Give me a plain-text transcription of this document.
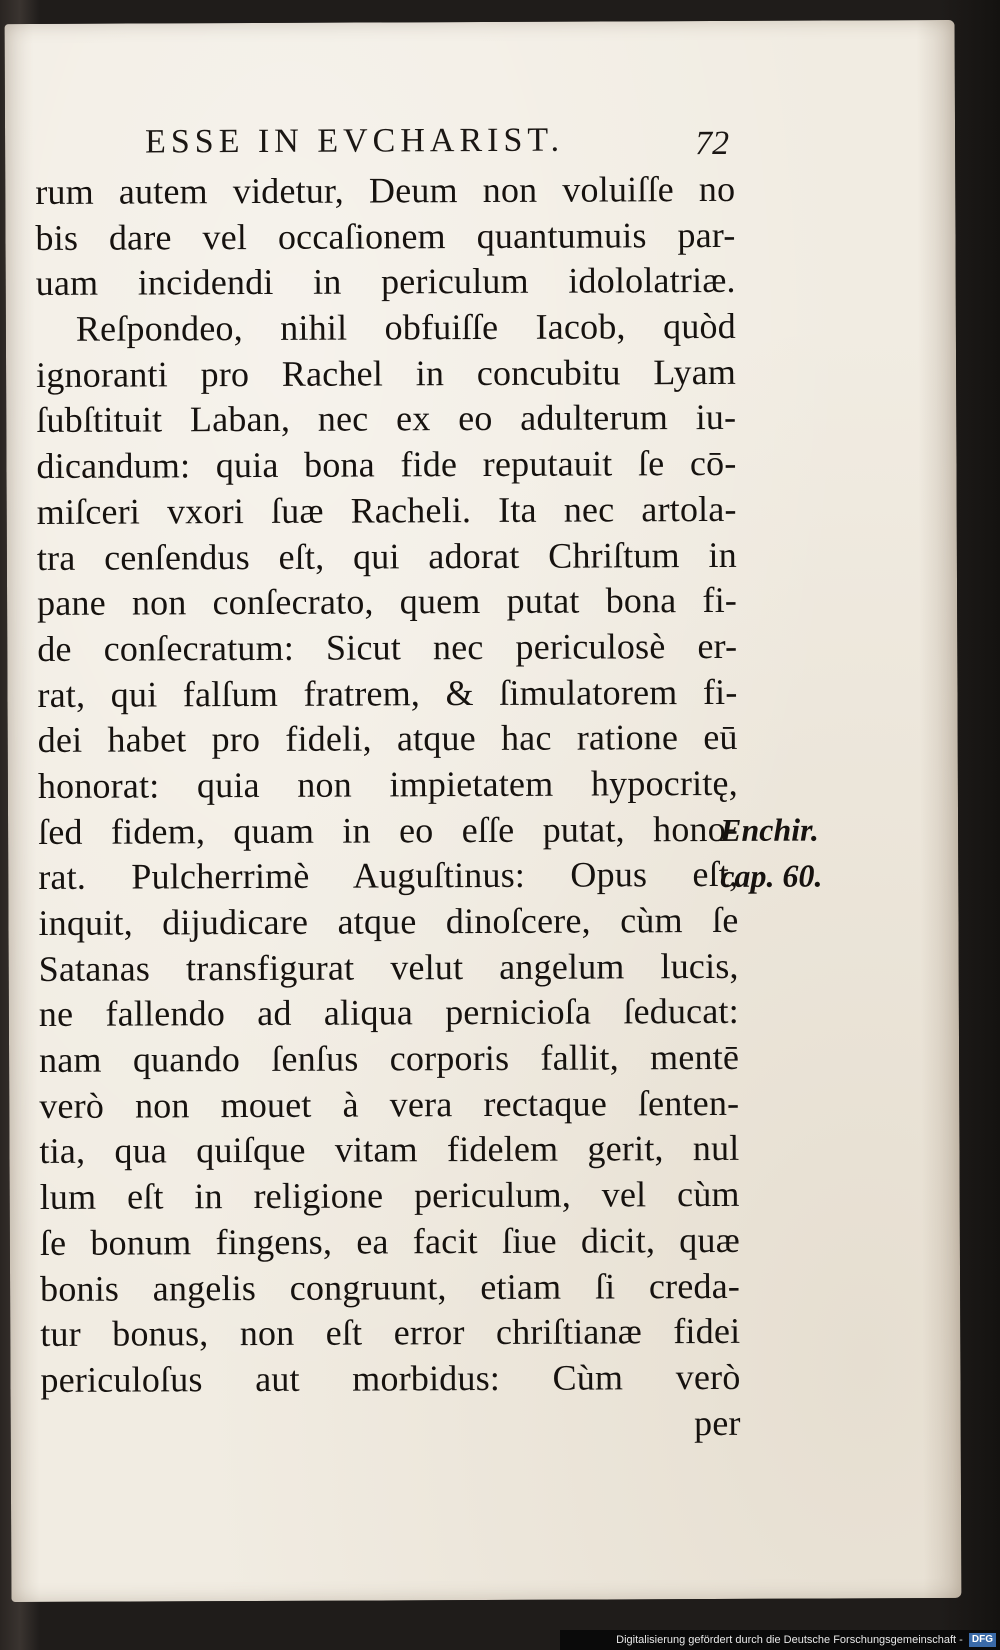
ESSE IN EVCHARIST.	72
rum autem videtur, Deum non voluiſſe no
bis dare vel occaſionem quantumuis par-
uam incidendi in periculum idololatriæ.
Reſpondeo, nihil obfuiſſe Iacob, quòd
ignoranti pro Rachel in concubitu Lyam
ſubſtituit Laban, nec ex eo adulterum iu-
dicandum: quia bona fide reputauit ſe cō-
miſceri vxori ſuæ Racheli. Ita nec artola-
tra cenſendus eſt, qui adorat Chriſtum in
pane non conſecrato, quem putat bona fi-
de conſecratum: Sicut nec periculosè er-
rat, qui falſum fratrem, & ſimulatorem fi-
dei habet pro fideli, atque hac ratione eū
honorat: quia non impietatem hypocritę,
ſed fidem, quam in eo eſſe putat, hono-
rat. Pulcherrimè Auguſtinus: Opus eſt,
inquit, dijudicare atque dinoſcere, cùm ſe
Satanas transfigurat velut angelum lucis,
ne fallendo ad aliqua pernicioſa ſeducat:
nam quando ſenſus corporis fallit, mentē
verò non mouet à vera rectaque ſenten-
tia, qua quiſque vitam fidelem gerit, nul
lum eſt in religione periculum, vel cùm
ſe bonum fingens, ea facit ſiue dicit, quæ
bonis angelis congruunt, etiam ſi creda-
tur bonus, non eſt error chriſtianæ fidei
periculoſus aut morbidus: Cùm verò
per
Enchir.
cap. 60.
Digitalisierung gefördert durch die Deutsche Forschungsgemeinschaft - DFG
